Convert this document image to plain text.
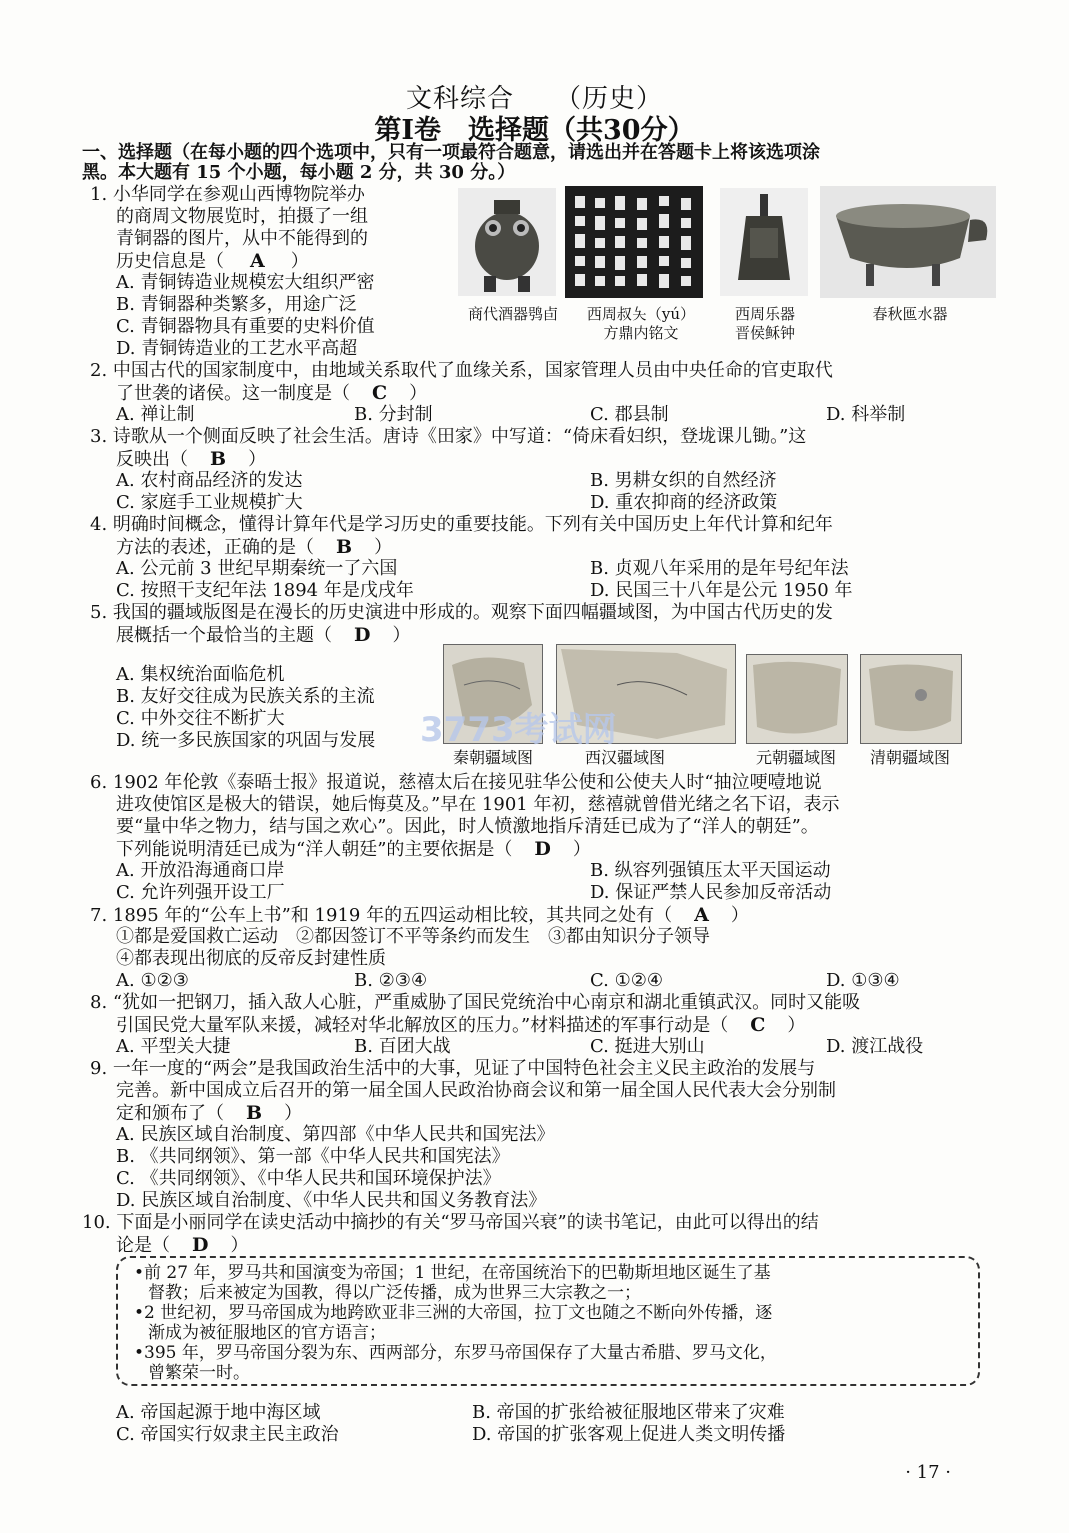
文科综合　　（历史）
第Ⅰ卷　选择题（共30分）
一、选择题（在每小题的四个选项中，只有一项最符合题意，请选出并在答题卡上将该选项涂
黑。本大题有 15 个小题，每小题 2 分，共 30 分。）
1. 小华同学在参观山西博物院举办
的商周文物展览时，拍摄了一组
青铜器的图片，从中不能得到的
历史信息是（ A ）
A. 青铜铸造业规模宏大组织严密
B. 青铜器种类繁多，用途广泛
C. 青铜器物具有重要的史料价值
D. 青铜铸造业的工艺水平高超
商代酒器鸮卣	西周叔夨（yú）
方鼎内铭文
西周乐器
晋侯稣钟
春秋匜水器
2. 中国古代的国家制度中，由地域关系取代了血缘关系，国家管理人员由中央任命的官吏取代
了世袭的诸侯。这一制度是（ C ）
A. 禅让制	B. 分封制	C. 郡县制	D. 科举制
3. 诗歌从一个侧面反映了社会生活。唐诗《田家》中写道：“倚床看妇织，登垅课儿锄。”这
反映出（ B ）
A. 农村商品经济的发达	B. 男耕女织的自然经济
C. 家庭手工业规模扩大	D. 重农抑商的经济政策
4. 明确时间概念，懂得计算年代是学习历史的重要技能。下列有关中国历史上年代计算和纪年
方法的表述，正确的是（ B ）
A. 公元前 3 世纪早期秦统一了六国	B. 贞观八年采用的是年号纪年法
C. 按照干支纪年法 1894 年是戊戌年	D. 民国三十八年是公元 1950 年
5. 我国的疆域版图是在漫长的历史演进中形成的。观察下面四幅疆域图，为中国古代历史的发
展概括一个最恰当的主题（ D ）
A. 集权统治面临危机
B. 友好交往成为民族关系的主流
C. 中外交往不断扩大
D. 统一多民族国家的巩固与发展
秦朝疆域图	西汉疆域图	元朝疆域图	清朝疆域图
3773考试网
6. 1902 年伦敦《泰晤士报》报道说，慈禧太后在接见驻华公使和公使夫人时“抽泣哽噎地说
进攻使馆区是极大的错误，她后悔莫及。”早在 1901 年初，慈禧就曾借光绪之名下诏，表示
要“量中华之物力，结与国之欢心”。因此，时人愤激地指斥清廷已成为了“洋人的朝廷”。
下列能说明清廷已成为“洋人朝廷”的主要依据是（ D ）
A. 开放沿海通商口岸	B. 纵容列强镇压太平天国运动
C. 允许列强开设工厂	D. 保证严禁人民参加反帝活动
7. 1895 年的“公车上书”和 1919 年的五四运动相比较，其共同之处有（ A ）
①都是爱国救亡运动　②都因签订不平等条约而发生　③都由知识分子领导
④都表现出彻底的反帝反封建性质
A. ①②③	B. ②③④	C. ①②④	D. ①③④
8. “犹如一把钢刀，插入敌人心脏，严重威胁了国民党统治中心南京和湖北重镇武汉。同时又能吸
引国民党大量军队来援，减轻对华北解放区的压力。”材料描述的军事行动是（ C ）
A. 平型关大捷	B. 百团大战	C. 挺进大别山	D. 渡江战役
9. 一年一度的“两会”是我国政治生活中的大事，见证了中国特色社会主义民主政治的发展与
完善。新中国成立后召开的第一届全国人民政治协商会议和第一届全国人民代表大会分别制
定和颁布了（ B ）
A. 民族区域自治制度、第四部《中华人民共和国宪法》
B. 《共同纲领》、第一部《中华人民共和国宪法》
C. 《共同纲领》、《中华人民共和国环境保护法》
D. 民族区域自治制度、《中华人民共和国义务教育法》
10. 下面是小丽同学在读史活动中摘抄的有关“罗马帝国兴衰”的读书笔记，由此可以得出的结
论是（ D ）
•前 27 年，罗马共和国演变为帝国；1 世纪，在帝国统治下的巴勒斯坦地区诞生了基
督教；后来被定为国教，得以广泛传播，成为世界三大宗教之一；
•2 世纪初，罗马帝国成为地跨欧亚非三洲的大帝国，拉丁文也随之不断向外传播，逐
渐成为被征服地区的官方语言；
•395 年，罗马帝国分裂为东、西两部分，东罗马帝国保存了大量古希腊、罗马文化，
曾繁荣一时。
A. 帝国起源于地中海区域	B. 帝国的扩张给被征服地区带来了灾难
C. 帝国实行奴隶主民主政治	D. 帝国的扩张客观上促进人类文明传播
· 17 ·
